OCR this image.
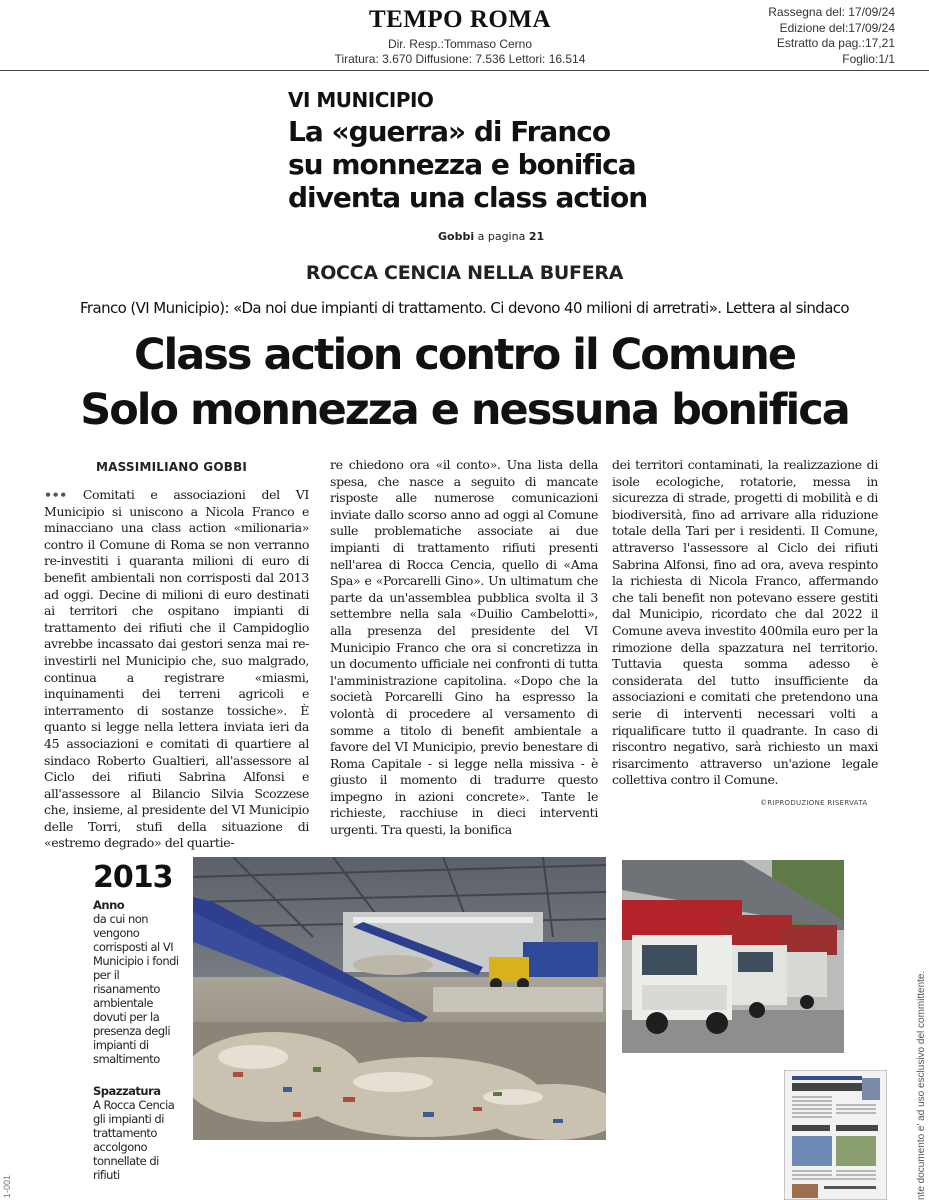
TEMPO ROMA
Dir. Resp.:Tommaso Cerno
Tiratura: 3.670 Diffusione: 7.536 Lettori: 16.514
Rassegna del: 17/09/24
Edizione del:17/09/24
Estratto da pag.:17,21
Foglio:1/1
VI MUNICIPIO
La «guerra» di Franco
su monnezza e bonifica
diventa una class action
Gobbi a pagina 21
ROCCA CENCIA NELLA BUFERA
Franco (VI Municipio): «Da noi due impianti di trattamento. Ci devono 40 milioni di arretrati». Lettera al sindaco
Class action contro il Comune
Solo monnezza e nessuna bonifica
MASSIMILIANO GOBBI
••• Comitati e associazioni del VI Municipio si uniscono a Nicola Franco e minacciano una class action «milionaria» contro il Comune di Roma se non verranno re-investiti i quaranta milioni di euro di benefit ambientali non corrisposti dal 2013 ad oggi. Decine di milioni di euro destinati ai territori che ospitano impianti di trattamento dei rifiuti che il Campidoglio avrebbe incassato dai gestori senza mai re-investirli nel Municipio che, suo malgrado, continua a registrare «miasmi, inquinamenti dei terreni agricoli e interramento di sostanze tossiche». È quanto si legge nella lettera inviata ieri da 45 associazioni e comitati di quartiere al sindaco Roberto Gualtieri, all'assessore al Ciclo dei rifiuti Sabrina Alfonsi e all'assessore al Bilancio Silvia Scozzese che, insieme, al presidente del VI Municipio delle Torri, stufi della situazione di «estremo degrado» del quartie-
re chiedono ora «il conto». Una lista della spesa, che nasce a seguito di mancate risposte alle numerose comunicazioni inviate dallo scorso anno ad oggi al Comune sulle problematiche associate ai due impianti di trattamento rifiuti presenti nell'area di Rocca Cencia, quello di «Ama Spa» e «Porcarelli Gino». Un ultimatum che parte da un'assemblea pubblica svolta il 3 settembre nella sala «Duilio Cambelotti», alla presenza del presidente del VI Municipio Franco che ora si concretizza in un documento ufficiale nei confronti di tutta l'amministrazione capitolina. «Dopo che la società Porcarelli Gino ha espresso la volontà di procedere al versamento di somme a titolo di benefit ambientale a favore del VI Municipio, previo benestare di Roma Capitale - si legge nella missiva - è giusto il momento di tradurre questo impegno in azioni concrete». Tante le richieste, racchiuse in dieci interventi urgenti. Tra questi, la bonifica
dei territori contaminati, la realizzazione di isole ecologiche, rotatorie, messa in sicurezza di strade, progetti di mobilità e di biodiversità, fino ad arrivare alla riduzione totale della Tari per i residenti. Il Comune, attraverso l'assessore al Ciclo dei rifiuti Sabrina Alfonsi, fino ad ora, aveva respinto la richiesta di Nicola Franco, affermando che tali benefit non potevano essere gestiti dal Municipio, ricordato che dal 2022 il Comune aveva investito 400mila euro per la rimozione della spazzatura nel territorio. Tuttavia questa somma adesso è considerata del tutto insufficiente da associazioni e comitati che pretendono una serie di interventi necessari volti a riqualificare tutto il quadrante. In caso di riscontro negativo, sarà richiesto un maxi risarcimento attraverso un'azione legale collettiva contro il Comune.
©RIPRODUZIONE RISERVATA
2013
Anno
da cui non vengono corrisposti al VI Municipio i fondi per il risanamento ambientale dovuti per la presenza degli impianti di smaltimento
Spazzatura
A Rocca Cencia gli impianti di trattamento accolgono tonnellate di rifiuti	nte documento e' ad uso esclusivo del committente.
1-001
